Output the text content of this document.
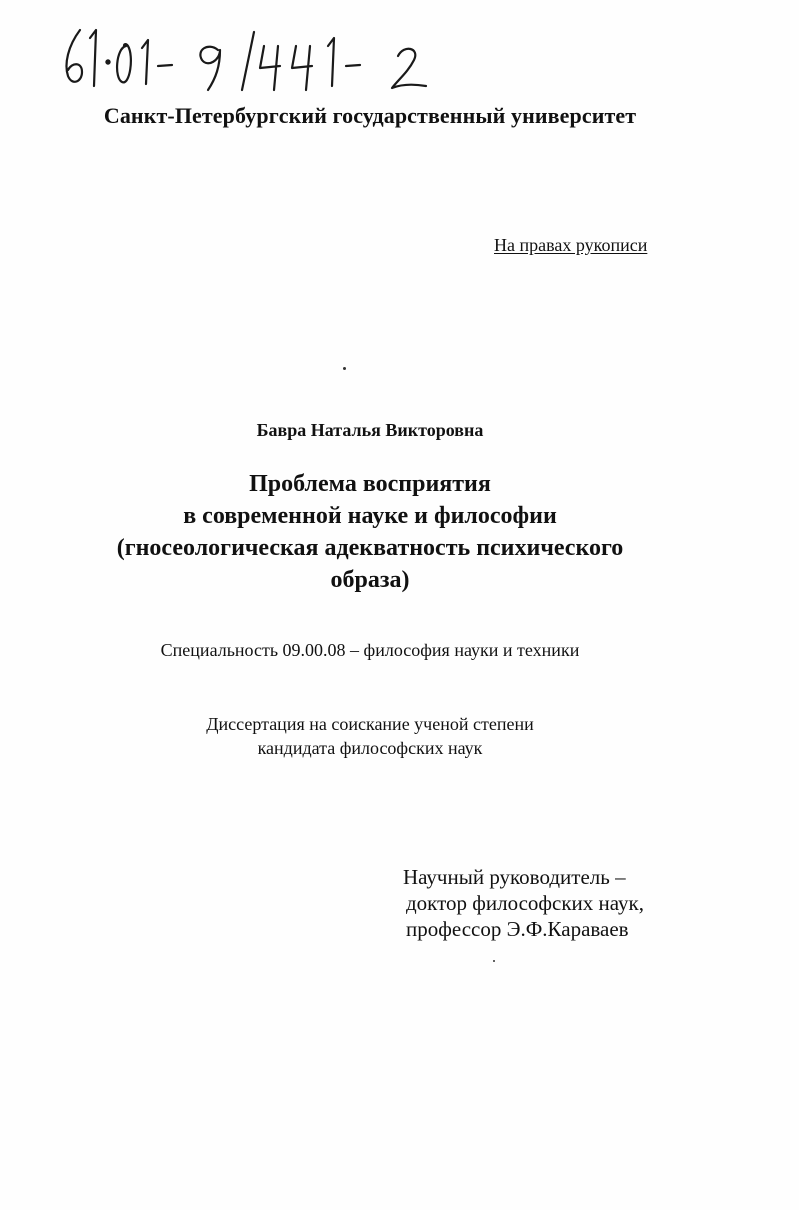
Санкт-Петербургский государственный университет
На правах рукописи
Бавра Наталья Викторовна
Проблема восприятия
в современной науке и философии
(гносеологическая адекватность психического
образа)
Специальность 09.00.08 – философия науки и техники
Диссертация на соискание ученой степени
кандидата философских наук
Научный руководитель –
доктор философских наук,
профессор Э.Ф.Караваев
